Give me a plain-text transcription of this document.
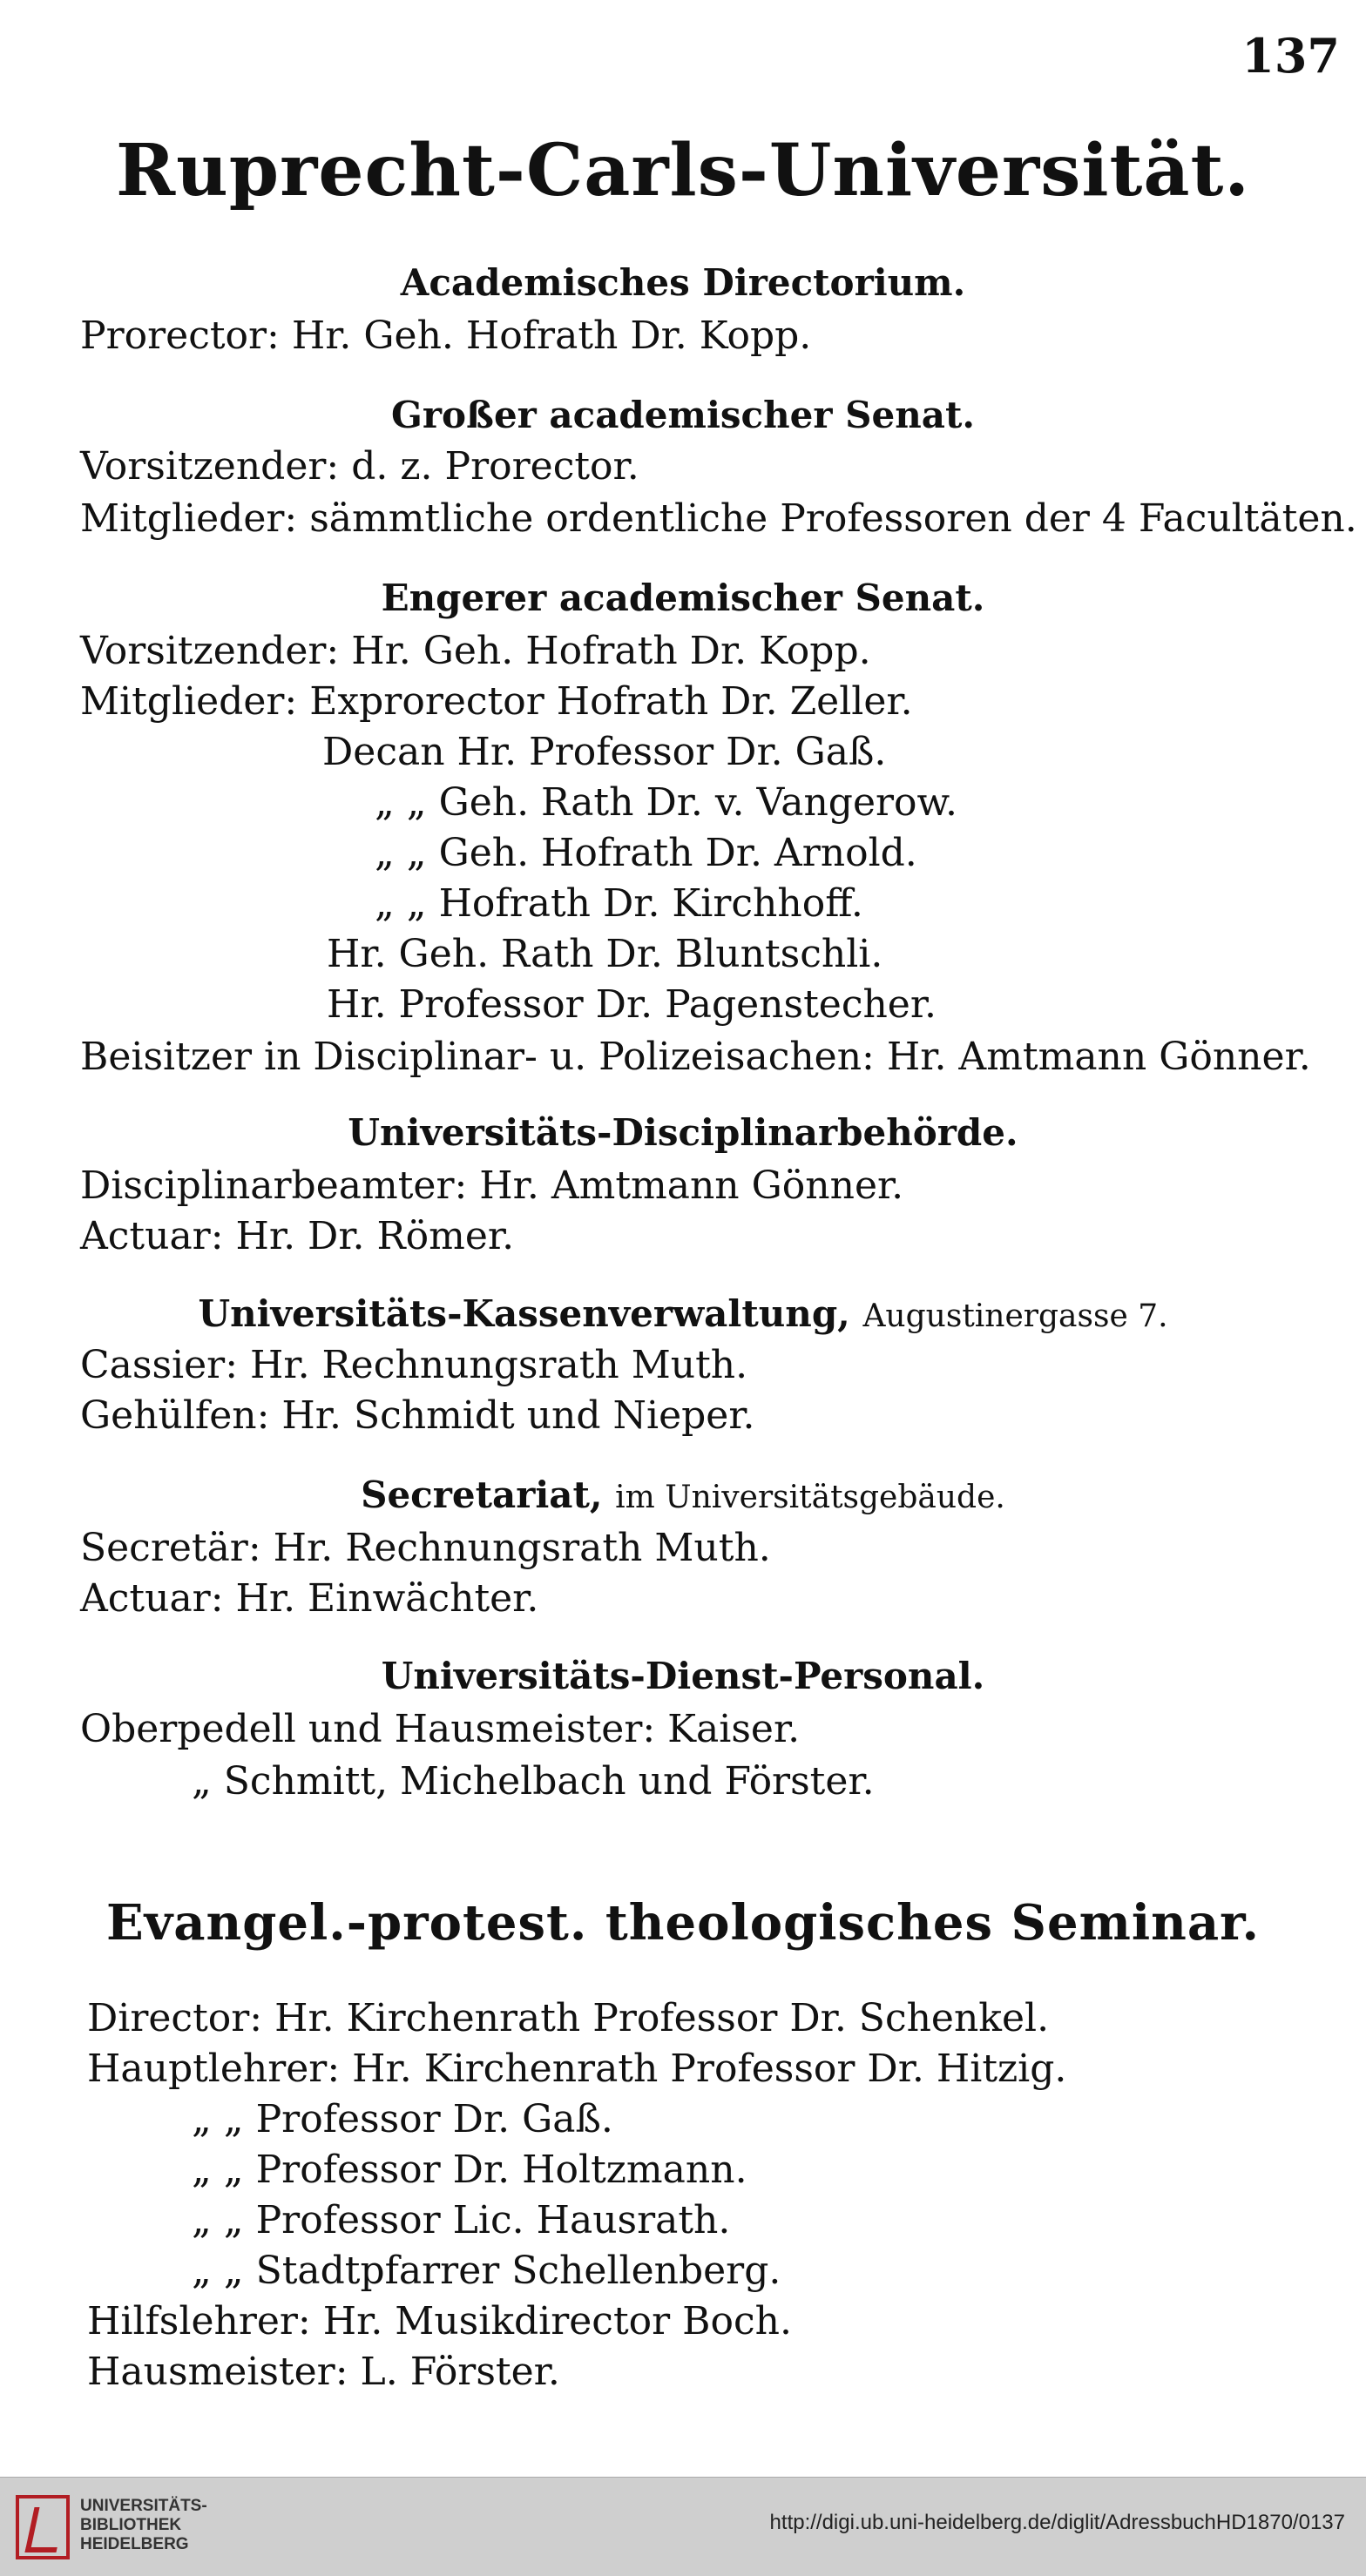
137
Ruprecht-Carls-Universität.
Academisches Directorium.
Prorector: Hr. Geh. Hofrath Dr. Kopp.
Großer academischer Senat.
Vorsitzender: d. z. Prorector.
Mitglieder: sämmtliche ordentliche Professoren der 4 Facultäten.
Engerer academischer Senat.
Vorsitzender: Hr. Geh. Hofrath Dr. Kopp.
Mitglieder: Exprorector Hofrath Dr. Zeller.
Decan Hr. Professor Dr. Gaß.
„ „ Geh. Rath Dr. v. Vangerow.
„ „ Geh. Hofrath Dr. Arnold.
„ „ Hofrath Dr. Kirchhoff.
Hr. Geh. Rath Dr. Bluntschli.
Hr. Professor Dr. Pagenstecher.
Beisitzer in Disciplinar- u. Polizeisachen: Hr. Amtmann Gönner.
Universitäts-Disciplinarbehörde.
Disciplinarbeamter: Hr. Amtmann Gönner.
Actuar: Hr. Dr. Römer.
Universitäts-Kassenverwaltung, Augustinergasse 7.
Cassier: Hr. Rechnungsrath Muth.
Gehülfen: Hr. Schmidt und Nieper.
Secretariat, im Universitätsgebäude.
Secretär: Hr. Rechnungsrath Muth.
Actuar: Hr. Einwächter.
Universitäts-Dienst-Personal.
Oberpedell und Hausmeister: Kaiser.
„ Schmitt, Michelbach und Förster.
Evangel.-protest. theologisches Seminar.
Director: Hr. Kirchenrath Professor Dr. Schenkel.
Hauptlehrer: Hr. Kirchenrath Professor Dr. Hitzig.
„ „ Professor Dr. Gaß.
„ „ Professor Dr. Holtzmann.
„ „ Professor Lic. Hausrath.
„ „ Stadtpfarrer Schellenberg.
Hilfslehrer: Hr. Musikdirector Boch.
Hausmeister: L. Förster.
UNIVERSITÄTS-
BIBLIOTHEK
HEIDELBERG
http://digi.ub.uni-heidelberg.de/diglit/AdressbuchHD1870/0137
